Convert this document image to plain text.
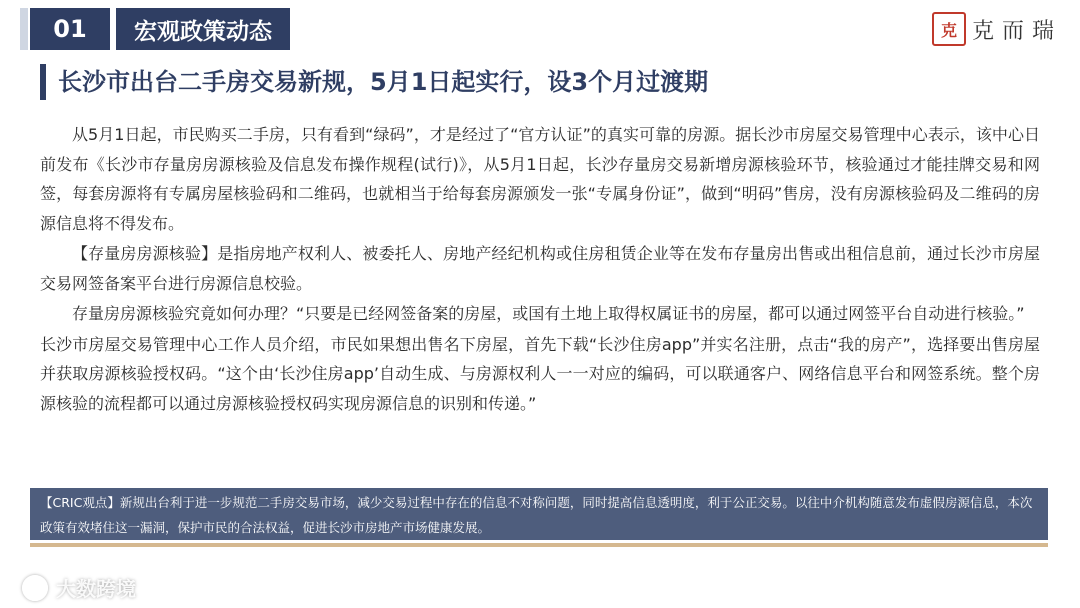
01	宏观政策动态	克 克而瑞
长沙市出台二手房交易新规，5月1日起实行，设3个月过渡期

从5月1日起，市民购买二手房，只有看到“绿码”，才是经过了“官方认证”的真实可靠的房源。据长沙市房屋交易管理中心表示，该中心日前发布《长沙市存量房房源核验及信息发布操作规程(试行)》，从5月1日起，长沙存量房交易新增房源核验环节，核验通过才能挂牌交易和网签，每套房源将有专属房屋核验码和二维码，也就相当于给每套房源颁发一张“专属身份证”，做到“明码”售房，没有房源核验码及二维码的房源信息将不得发布。

【存量房房源核验】是指房地产权利人、被委托人、房地产经纪机构或住房租赁企业等在发布存量房出售或出租信息前，通过长沙市房屋交易网签备案平台进行房源信息校验。

存量房房源核验究竟如何办理？“只要是已经网签备案的房屋，或国有土地上取得权属证书的房屋，都可以通过网签平台自动进行核验。”

长沙市房屋交易管理中心工作人员介绍，市民如果想出售名下房屋，首先下载“长沙住房app”并实名注册，点击“我的房产”，选择要出售房屋并获取房源核验授权码。“这个由‘长沙住房app’自动生成、与房源权利人一一对应的编码，可以联通客户、网络信息平台和网签系统。整个房源核验的流程都可以通过房源核验授权码实现房源信息的识别和传递。”

【CRIC观点】新规出台利于进一步规范二手房交易市场，减少交易过程中存在的信息不对称问题，同时提高信息透明度，利于公正交易。以往中介机构随意发布虚假房源信息，本次政策有效堵住这一漏洞，保护市民的合法权益，促进长沙市房地产市场健康发展。
大数跨境
